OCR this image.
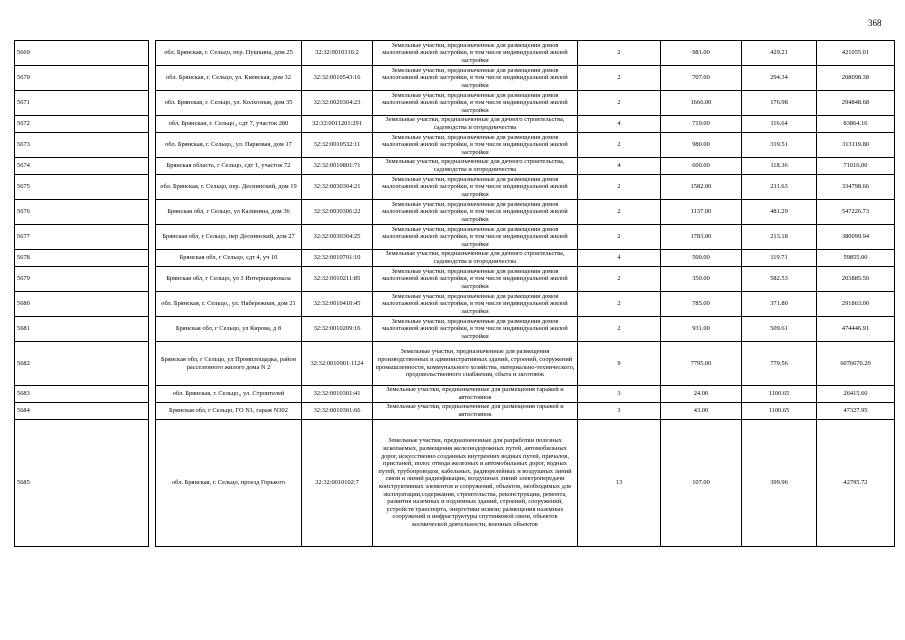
368
5669		обл. Брянская, г. Сельцо, пер. Пушкина, дом 25	32:32:0010316:2	Земельные участки, предназначенные для размещения домов малоэтажной жилой застройки, в том числе индивидуальной жилой застройки	2	981.00	429.21	421055.01
5670		обл. Брянская, г. Сельцо, ул. Киевская, дом 32	32:32:0010543:16	Земельные участки, предназначенные для размещения домов малоэтажной жилой застройки, в том числе индивидуальной жилой застройки	2	707.00	294.34	208098.38
5671		обл. Брянская, г. Сельцо, ул. Колхозная, дом 35	32:32:0020304:23	Земельные участки, предназначенные для размещения домов малоэтажной жилой застройки, в том числе индивидуальной жилой застройки	2	1666.00	176.98	294848.68
5672		обл. Брянская, г. Сельцо,, сдт 7, участок 280	32:32:0011201:291	Земельные участки, предназначенные для дачного строительства, садоводства и огородничества	4	719.00	116.64	83864.16
5673		обл. Брянская, г. Сельцо,, ул. Парковая, дом 17	32:32:0010532:11	Земельные участки, предназначенные для размещения домов малоэтажной жилой застройки, в том числе индивидуальной жилой застройки	2	980.00	319.51	313119.80
5674		Брянская область, г Сельцо, сдт 1, участок 72	32:32:0010801:71	Земельные участки, предназначенные для дачного строительства, садоводства и огородничества	4	600.00	118.36	71016.00
5675		обл. Брянская, г. Сельцо, пер. Деснинский, дом 19	32:32:0030304:21	Земельные участки, предназначенные для размещения домов малоэтажной жилой застройки, в том числе индивидуальной жилой застройки	2	1582.00	211.63	334798.66
5676		Брянская обл, г Сельцо, ул Калинина, дом 36	32:32:0030306:22	Земельные участки, предназначенные для размещения домов малоэтажной жилой застройки, в том числе индивидуальной жилой застройки	2	1137.00	481.29	547226.73
5677		Брянская обл, г Сельцо, пер Деснинский, дом 27	32:32:0030304:25	Земельные участки, предназначенные для размещения домов малоэтажной жилой застройки, в том числе индивидуальной жилой застройки	2	1783.00	213.18	380099.94
5678		Брянская обл, г Сельцо, сдт 4, уч 10	32:32:0010701:10	Земельные участки, предназначенные для дачного строительства, садоводства и огородничества	4	500.00	119.71	59855.00
5679		Брянская обл, г Сельцо, ул 3 Интернационала	32:32:0010211:85	Земельные участки, предназначенные для размещения домов малоэтажной жилой застройки, в том числе индивидуальной жилой застройки	2	350.00	582.53	203885.50
5680		обл. Брянская, г. Сельцо,, ул. Набережная, дом 21	32:32:0010410:45	Земельные участки, предназначенные для размещения домов малоэтажной жилой застройки, в том числе индивидуальной жилой застройки	2	785.00	371.80	291863.00
5681		Брянская обл, г Сельцо, ул Кирова, д 8	32:32:0010209:16	Земельные участки, предназначенные для размещения домов малоэтажной жилой застройки, в том числе индивидуальной жилой застройки	2	931.00	509.61	474446.91
5682		Брянская обл, г Сельцо, ул Промплощадка, район расселенного жилого дома N 2	32:32:0010901:1124	Земельные участки, предназначенные для размещения производственных и административных зданий, строений, сооружений промышленности, коммунального хозяйства, материально-технического, продовольственного снабжения, сбыта и заготовок	9	7795.00	779.56	6076670.20
5683		обл. Брянская, г. Сельцо,, ул. Строителей	32:32:0010301:41	Земельные участки, предназначенные для размещения гаражей и автостоянок	3	24.00	1100.65	26415.60
5684		Брянская обл, г Сельцо, ГО N1, гараж N302	32:32:0010301:66	Земельные участки, предназначенные для размещения гаражей и автостоянок	3	43.00	1100.65	47327.95
5685		обл. Брянская, г. Сельцо, проезд Горького	32:32:0010102:7	Земельные участки, предназначенные для разработки полезных ископаемых, размещения железнодорожных путей, автомобильных дорог, искусственно созданных внутренних водных путей, причалов, пристаней, полос отвода железных и автомобильных дорог, водных путей, трубопроводов, кабельных, радиорелейных и воздушных линий связи и линий радиофикации, воздушных линий электропередачи конструктивных элементов и сооружений, объектов, необходимых для эксплуатации,содержания, строительства, реконструкции, ремонта, развития наземных и подземных зданий, строений, сооружений, устройств транспорта, энергетики исвязи; размещения наземных сооружений и инфраструктуры спутниковой связи, объектов космической деятельности, военных объектов	13	107.00	399.96	42795.72
